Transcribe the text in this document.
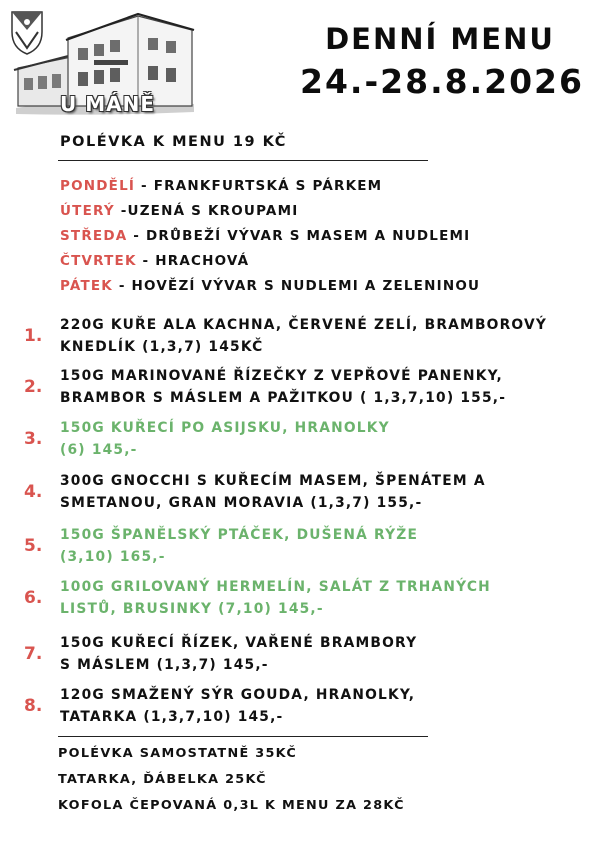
U MÁNĚ
DENNÍ MENU
24.-28.8.2026
POLÉVKA K MENU 19 KČ
PONDĚLÍ - FRANKFURTSKÁ S PÁRKEM
ÚTERÝ -UZENÁ S KROUPAMI
STŘEDA - DRŮBEŽÍ VÝVAR S MASEM A NUDLEMI
ČTVRTEK - HRACHOVÁ
PÁTEK - HOVĚZÍ VÝVAR S NUDLEMI A ZELENINOU
1.
220G KUŘE ALA KACHNA, ČERVENÉ ZELÍ, BRAMBOROVÝ
KNEDLÍK (1,3,7) 145KČ
2.
150G MARINOVANÉ ŘÍZEČKY Z VEPŘOVÉ PANENKY,
BRAMBOR S MÁSLEM A PAŽITKOU ( 1,3,7,10) 155,-
3.
150G KUŘECÍ PO ASIJSKU, HRANOLKY
(6) 145,-
4.
300G GNOCCHI S KUŘECÍM MASEM, ŠPENÁTEM A
SMETANOU, GRAN MORAVIA (1,3,7) 155,-
5.
150G ŠPANĚLSKÝ PTÁČEK, DUŠENÁ RÝŽE
(3,10) 165,-
6.
100G GRILOVANÝ HERMELÍN, SALÁT Z TRHANÝCH
LISTŮ, BRUSINKY (7,10) 145,-
7.
150G KUŘECÍ ŘÍZEK, VAŘENÉ BRAMBORY
S MÁSLEM (1,3,7) 145,-
8.
120G SMAŽENÝ SÝR GOUDA, HRANOLKY,
TATARKA (1,3,7,10) 145,-
POLÉVKA SAMOSTATNĚ 35KČ
TATARKA, ĎÁBELKA 25KČ
KOFOLA ČEPOVANÁ 0,3L K MENU ZA 28KČ
